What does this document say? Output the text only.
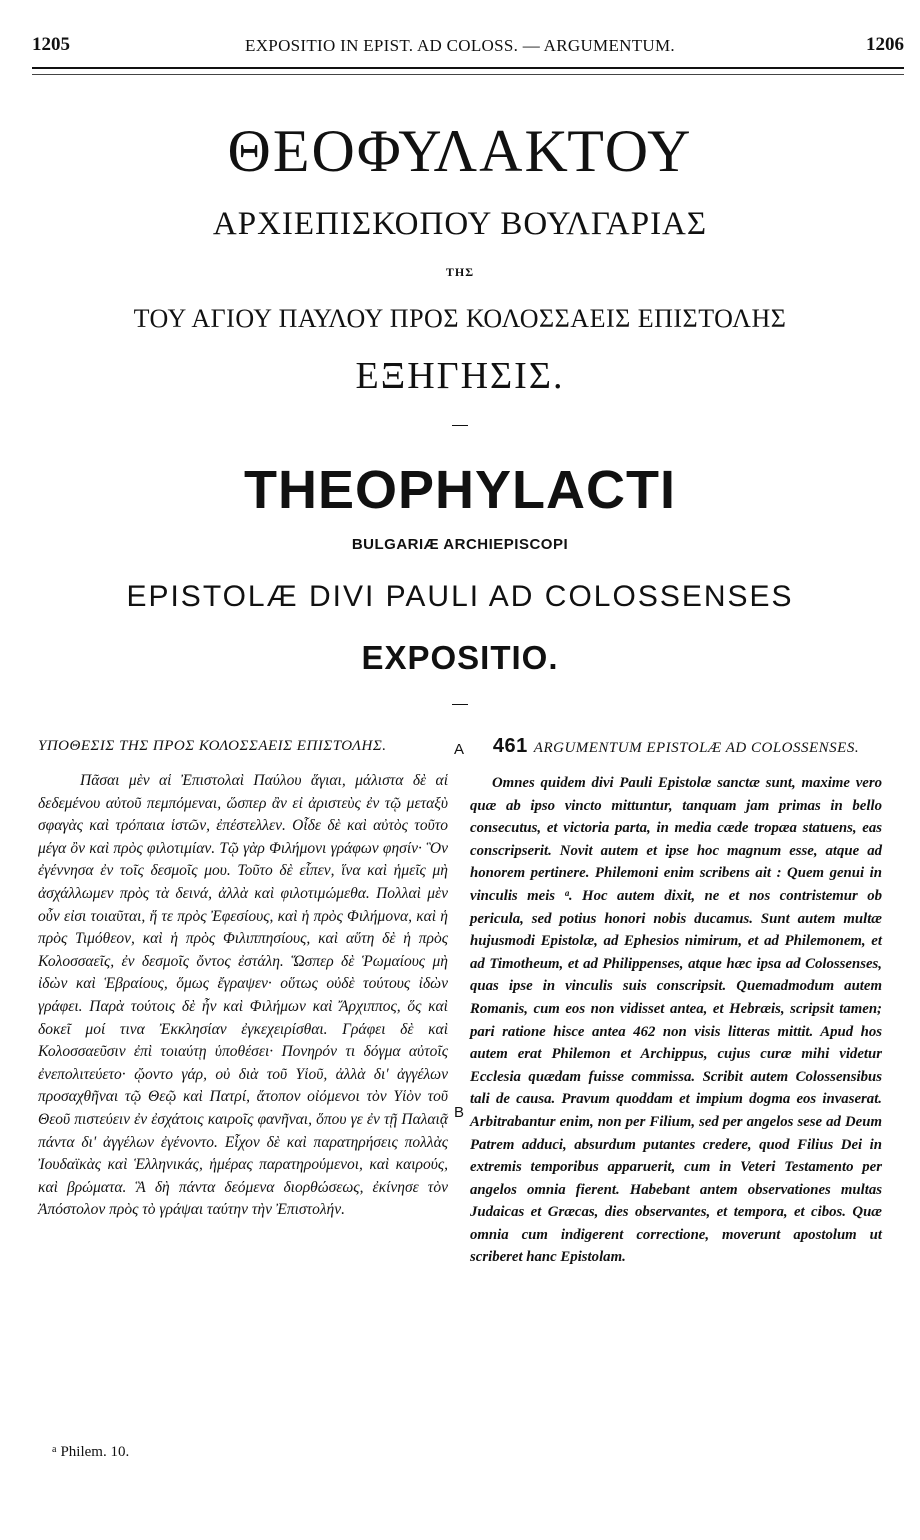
1205	EXPOSITIO IN EPIST. AD COLOSS. — ARGUMENTUM.	1206
ΘΕΟΦΥΛΑΚΤΟΥ
ΑΡΧΙΕΠΙΣΚΟΠΟΥ ΒΟΥΛΓΑΡΙΑΣ
ΤΗΣ
ΤΟΥ ΑΓΙΟΥ ΠΑΥΛΟΥ ΠΡΟΣ ΚΟΛΟΣΣΑΕΙΣ ΕΠΙΣΤΟΛΗΣ
ΕΞΗΓΗΣΙΣ.
THEOPHYLACTI
BULGARIÆ ARCHIEPISCOPI
EPISTOLÆ DIVI PAULI AD COLOSSENSES
EXPOSITIO.
ΥΠΟΘΕΣΙΣ ΤΗΣ ΠΡΟΣ ΚΟΛΟΣΣΑΕΙΣ ΕΠΙΣΤΟΛΗΣ.

Πᾶσαι μὲν αἱ Ἐπιστολαὶ Παύλου ἅγιαι, μάλιστα δὲ αἱ δεδεμένου αὐτοῦ πεμπόμεναι, ὥσπερ ἂν εἰ ἀριστεὺς ἐν τῷ μεταξὺ σφαγὰς καὶ τρόπαια ἱστῶν, ἐπέστελλεν. Οἶδε δὲ καὶ αὐτὸς τοῦτο μέγα ὂν καὶ πρὸς φιλοτιμίαν. Τῷ γὰρ Φιλήμονι γράφων φησίν· Ὃν ἐγέννησα ἐν τοῖς δεσμοῖς μου. Τοῦτο δὲ εἶπεν, ἵνα καὶ ἡμεῖς μὴ ἀσχάλλωμεν πρὸς τὰ δεινά, ἀλλὰ καὶ φιλοτιμώμεθα. Πολλαὶ μὲν οὖν εἰσι τοιαῦται, ἥ τε πρὸς Ἐφεσίους, καὶ ἡ πρὸς Φιλήμονα, καὶ ἡ πρὸς Τιμόθεον, καὶ ἡ πρὸς Φιλιππησίους, καὶ αὕτη δὲ ἡ πρὸς Κολοσσαεῖς, ἐν δεσμοῖς ὄντος ἐστάλη. Ὥσπερ δὲ Ῥωμαίους μὴ ἰδὼν καὶ Ἑβραίους, ὅμως ἔγραψεν· οὕτως οὐδὲ τούτους ἰδὼν γράφει. Παρὰ τούτοις δὲ ἦν καὶ Φιλήμων καὶ Ἄρχιππος, ὅς καὶ δοκεῖ μοί τινα Ἐκκλησίαν ἐγκεχειρίσθαι. Γράφει δὲ καὶ Κολοσσαεῦσιν ἐπὶ τοιαύτῃ ὑποθέσει· Πονηρόν τι δόγμα αὐτοῖς ἐνεπολιτεύετο· ᾤοντο γάρ, οὐ διὰ τοῦ Υἱοῦ, ἀλλὰ δι' ἀγγέλων προσαχθῆναι τῷ Θεῷ καὶ Πατρί, ἄτοπον οἰόμενοι τὸν Υἱὸν τοῦ Θεοῦ πιστεύειν ἐν ἐσχάτοις καιροῖς φανῆναι, ὅπου γε ἐν τῇ Παλαιᾷ πάντα δι' ἀγγέλων ἐγένοντο. Εἶχον δὲ καὶ παρατηρήσεις πολλὰς Ἰουδαϊκὰς καὶ Ἑλληνικάς, ἡμέρας παρατηρούμενοι, καὶ καιρούς, καὶ βρώματα. Ἃ δὴ πάντα δεόμενα διορθώσεως, ἐκίνησε τὸν Ἀπόστολον πρὸς τὸ γράψαι ταύτην τὴν Ἐπιστολήν.

461 ARGUMENTUM EPISTOLÆ AD COLOSSENSES.

Omnes quidem divi Pauli Epistolæ sanctæ sunt, maxime vero quæ ab ipso vincto mittuntur, tanquam jam primas in bello consecutus, et victoria parta, in media cæde tropæa statuens, eas conscripserit. Novit autem et ipse hoc magnum esse, atque ad honorem pertinere. Philemoni enim scribens ait : Quem genui in vinculis meis ᵃ. Hoc autem dixit, ne et nos contristemur ob pericula, sed potius honori nobis ducamus. Sunt autem multæ hujusmodi Epistolæ, ad Ephesios nimirum, et ad Philemonem, et ad Timotheum, et ad Philippenses, atque hæc ipsa ad Colossenses, quas ipse in vinculis suis conscripsit. Quemadmodum autem Romanis, cum eos non vidisset antea, et Hebræis, scripsit tamen; pari ratione hisce antea 462 non visis litteras mittit. Apud hos autem erat Philemon et Archippus, cujus curæ mihi videtur Ecclesia quædam fuisse commissa. Scribit autem Colossensibus tali de causa. Pravum quoddam et impium dogma eos invaserat. Arbitrabantur enim, non per Filium, sed per angelos sese ad Deum Patrem adduci, absurdum putantes credere, quod Filius Dei in extremis temporibus apparuerit, cum in Veteri Testamento per angelos omnia fierent. Habebant antem observationes multas Judaicas et Græcas, dies observantes, et tempora, et cibos. Quæ omnia cum indigerent correctione, moverunt apostolum ut scriberet hanc Epistolam.

A
B
$^a$ Philem. 10.
